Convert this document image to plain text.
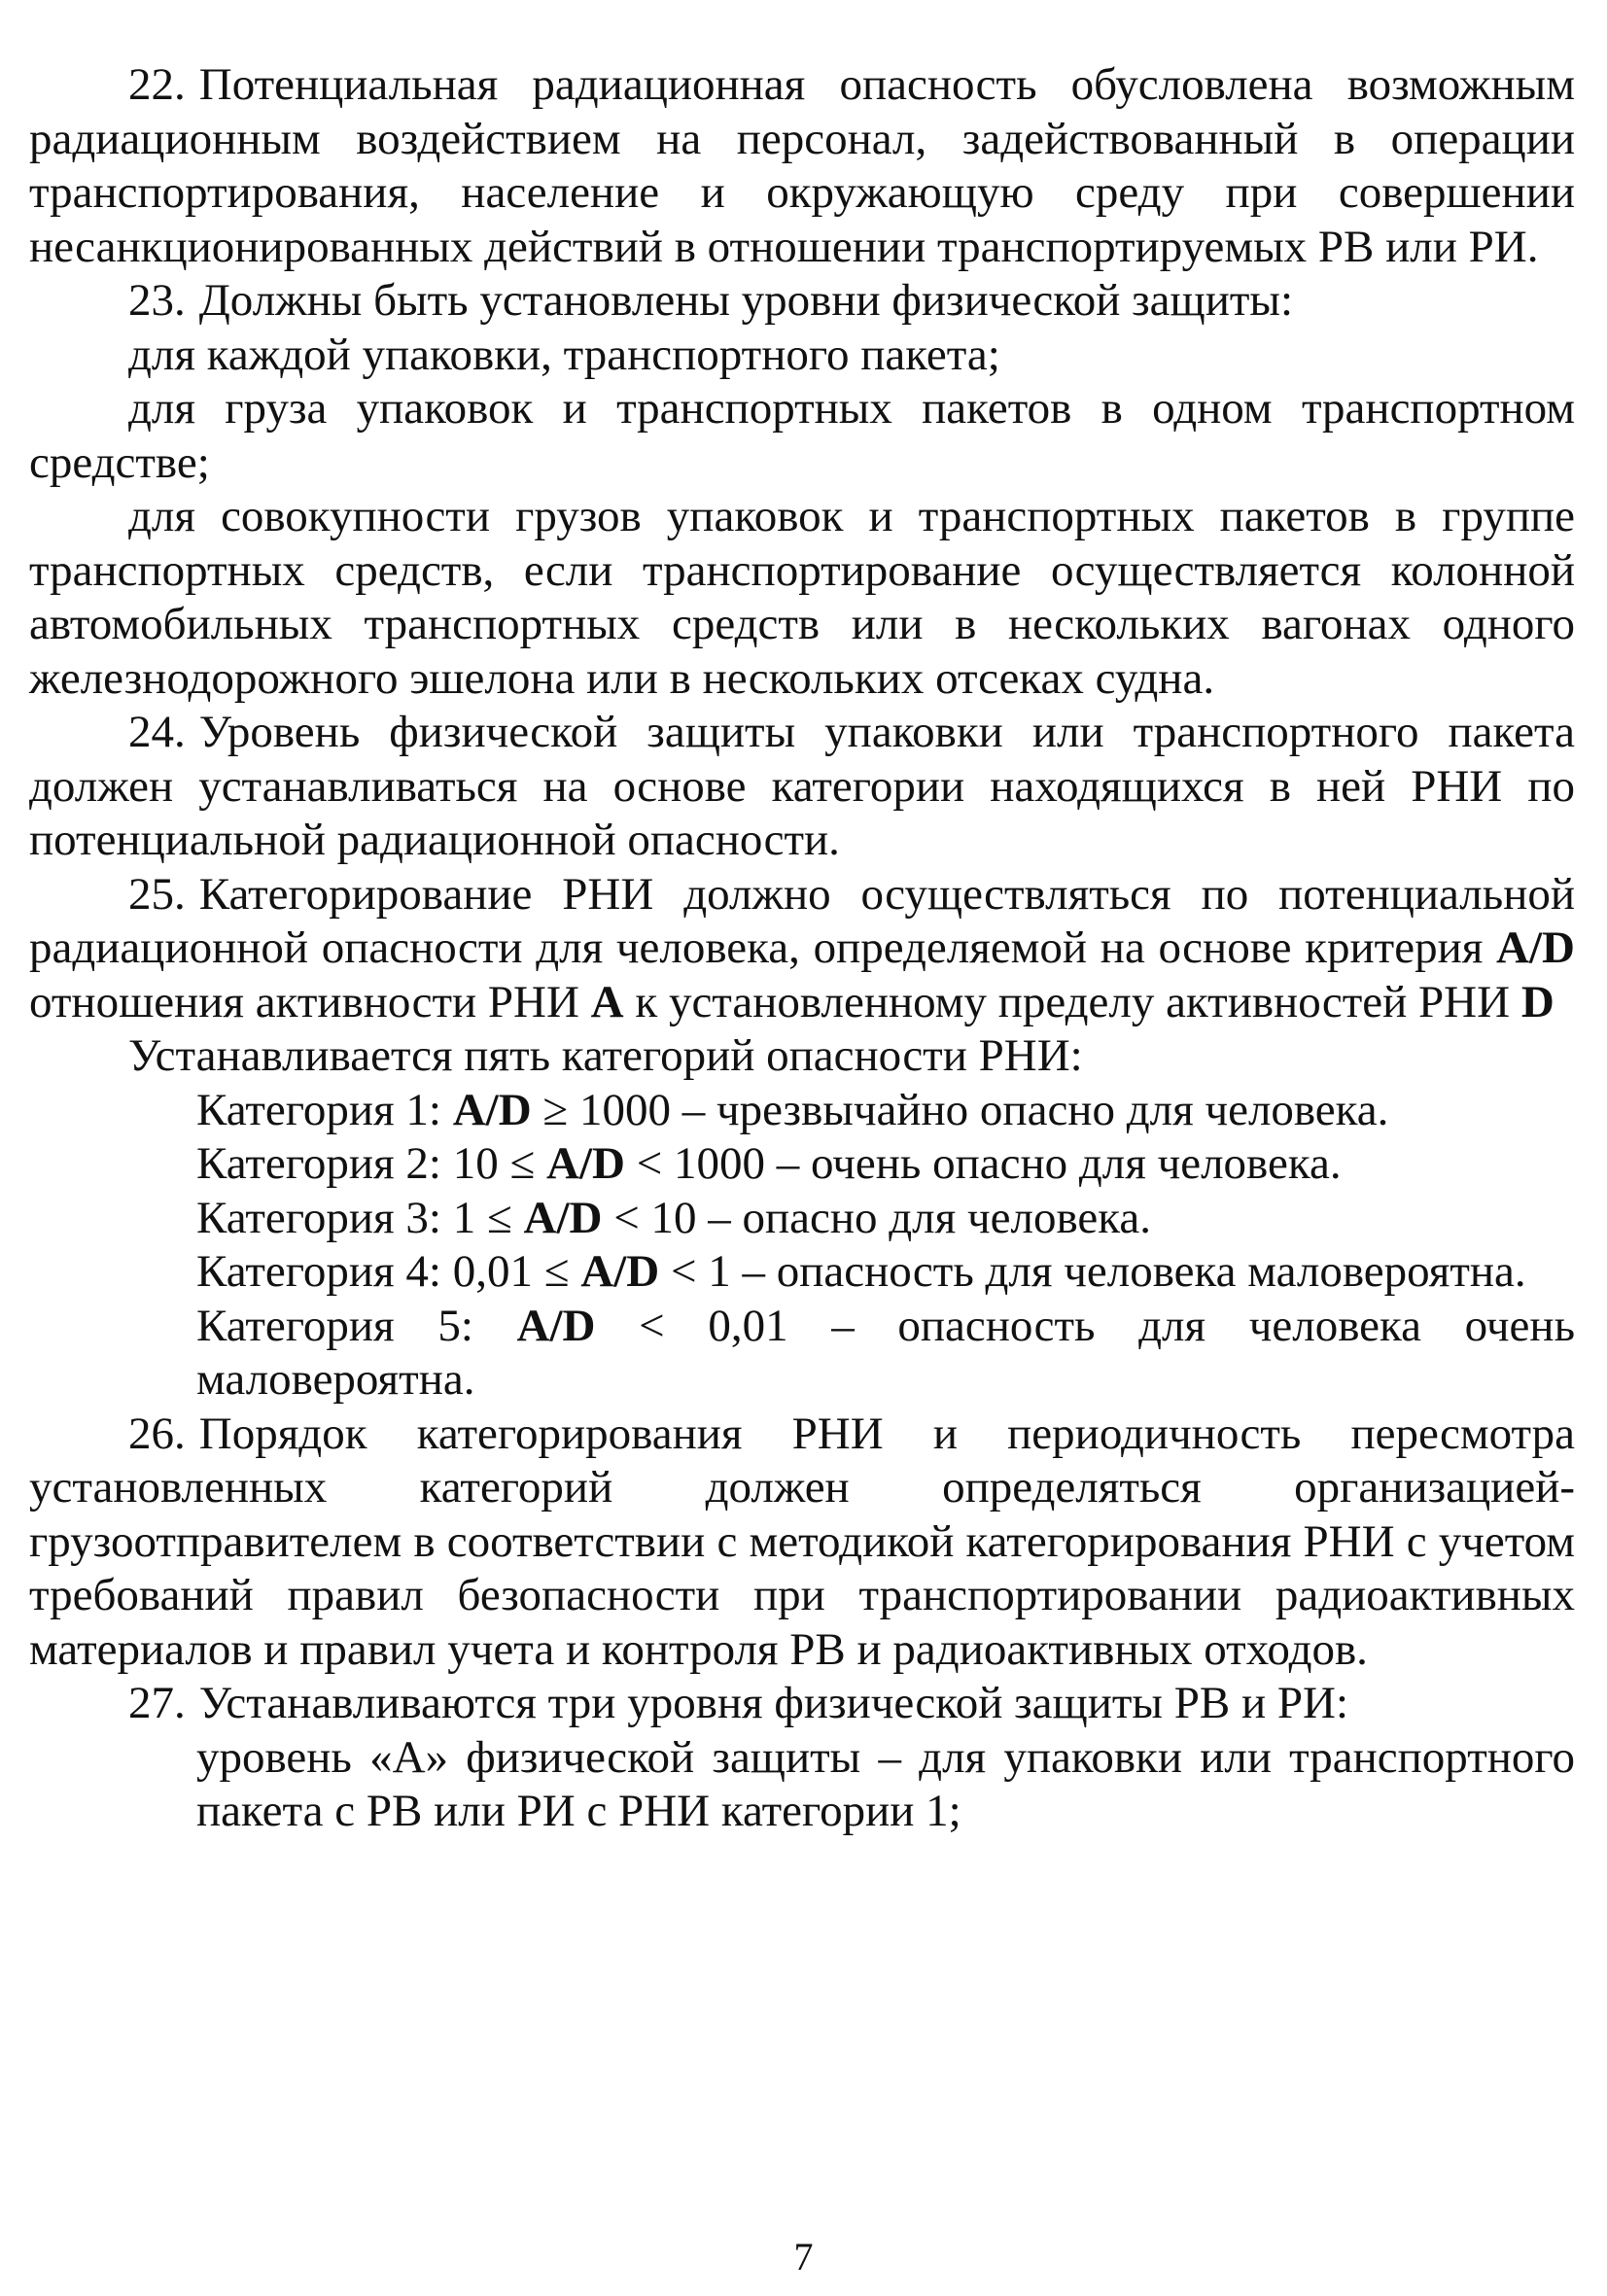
22. Потенциальная радиационная опасность обусловлена возможным радиационным воздействием на персонал, задействованный в операции транспортирования, население и окружающую среду при совершении несанкционированных действий в отношении транспортируемых РВ или РИ.

23. Должны быть установлены уровни физической защиты:

для каждой упаковки, транспортного пакета;

для груза упаковок и транспортных пакетов в одном транспортном средстве;

для совокупности грузов упаковок и транспортных пакетов в группе транспортных средств, если транспортирование осуществляется колонной автомобильных транспортных средств или в нескольких вагонах одного железнодорожного эшелона или в нескольких отсеках судна.

24. Уровень физической защиты упаковки или транспортного пакета должен устанавливаться на основе категории находящихся в ней РНИ по потенциальной радиационной опасности.

25. Категорирование РНИ должно осуществляться по потенциальной радиационной опасности для человека, определяемой на основе критерия A/D отношения активности РНИ A к установленному пределу активностей РНИ D

Устанавливается пять категорий опасности РНИ:

Категория 1: A/D ≥ 1000 – чрезвычайно опасно для человека.

Категория 2: 10 ≤ A/D < 1000 – очень опасно для человека.

Категория 3: 1 ≤ A/D < 10 – опасно для человека.

Категория 4: 0,01 ≤ A/D < 1 – опасность для человека маловероятна.

Категория 5: A/D < 0,01 – опасность для человека очень маловероятна.

26. Порядок категорирования РНИ и периодичность пересмотра установленных категорий должен определяться организацией-грузоотправителем в соответствии с методикой категорирования РНИ с учетом требований правил безопасности при транспортировании радиоактивных материалов и правил учета и контроля РВ и радиоактивных отходов.

27. Устанавливаются три уровня физической защиты РВ и РИ:

уровень «А» физической защиты – для упаковки или транспортного пакета с РВ или РИ с РНИ категории 1;

7
